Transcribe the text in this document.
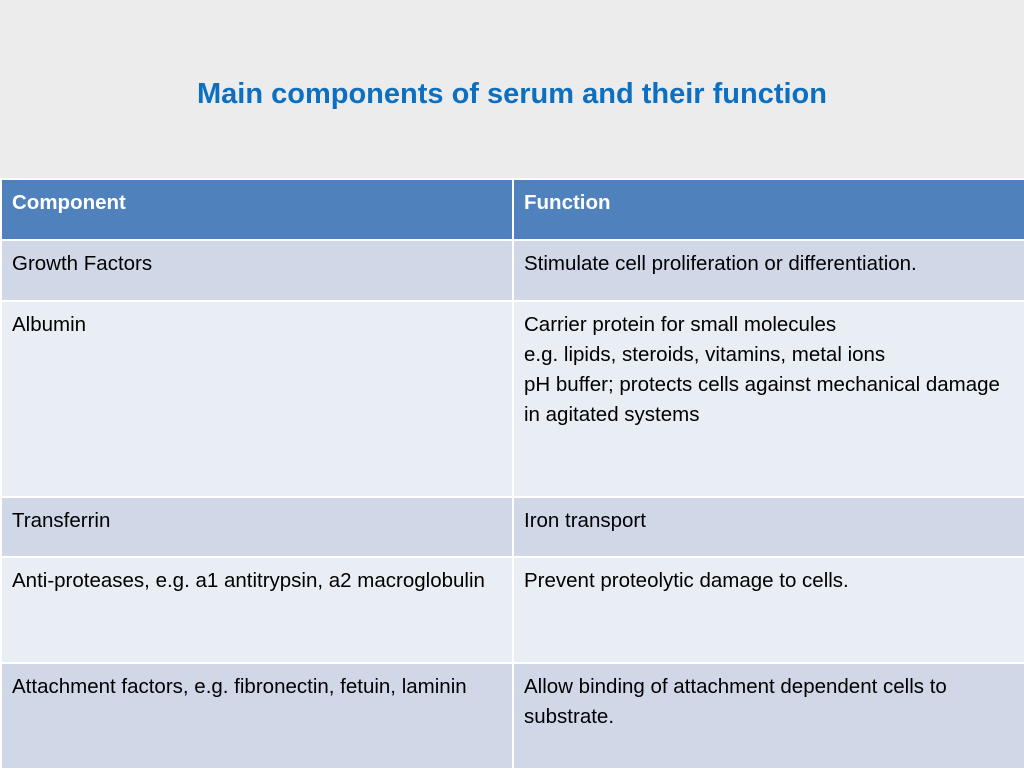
Main components of serum and their function
Component	Function
Growth Factors	Stimulate cell proliferation or differentiation.

Albumin	Carrier protein for small molecules
e.g. lipids, steroids, vitamins, metal ions
pH buffer; protects cells against mechanical damage in agitated systems

Transferrin	Iron transport

Anti-proteases, e.g. a1 antitrypsin, a2 macroglobulin	Prevent proteolytic damage to cells.

Attachment factors, e.g. fibronectin, fetuin, laminin	Allow binding of attachment dependent cells to substrate.
